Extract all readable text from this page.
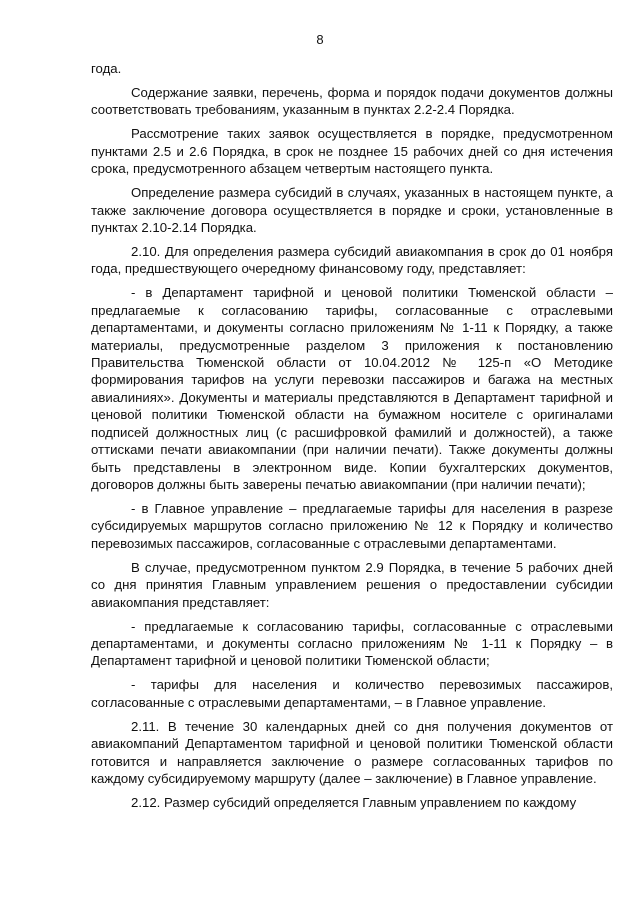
8

года.

Содержание заявки, перечень, форма и порядок подачи документов должны соответствовать требованиям, указанным в пунктах 2.2-2.4 Порядка.

Рассмотрение таких заявок осуществляется в порядке, предусмотренном пунктами 2.5 и 2.6 Порядка, в срок не позднее 15 рабочих дней со дня истечения срока, предусмотренного абзацем четвертым настоящего пункта.

Определение размера субсидий в случаях, указанных в настоящем пункте, а также заключение договора осуществляется в порядке и сроки, установленные в пунктах 2.10-2.14 Порядка.

2.10. Для определения размера субсидий авиакомпания в срок до 01 ноября года, предшествующего очередному финансовому году, представляет:

- в Департамент тарифной и ценовой политики Тюменской области – предлагаемые к согласованию тарифы, согласованные с отраслевыми департаментами, и документы согласно приложениям № 1-11 к Порядку, а также материалы, предусмотренные разделом 3 приложения к постановлению Правительства Тюменской области от 10.04.2012 № 125-п «О Методике формирования тарифов на услуги перевозки пассажиров и багажа на местных авиалиниях». Документы и материалы представляются в Департамент тарифной и ценовой политики Тюменской области на бумажном носителе с оригиналами подписей должностных лиц (с расшифровкой фамилий и должностей), а также оттисками печати авиакомпании (при наличии печати). Также документы должны быть представлены в электронном виде. Копии бухгалтерских документов, договоров должны быть заверены печатью авиакомпании (при наличии печати);

- в Главное управление – предлагаемые тарифы для населения в разрезе субсидируемых маршрутов согласно приложению № 12 к Порядку и количество перевозимых пассажиров, согласованные с отраслевыми департаментами.

В случае, предусмотренном пунктом 2.9 Порядка, в течение 5 рабочих дней со дня принятия Главным управлением решения о предоставлении субсидии авиакомпания представляет:

- предлагаемые к согласованию тарифы, согласованные с отраслевыми департаментами, и документы согласно приложениям № 1-11 к Порядку – в Департамент тарифной и ценовой политики Тюменской области;

- тарифы для населения и количество перевозимых пассажиров, согласованные с отраслевыми департаментами, – в Главное управление.

2.11. В течение 30 календарных дней со дня получения документов от авиакомпаний Департаментом тарифной и ценовой политики Тюменской области готовится и направляется заключение о размере согласованных тарифов по каждому субсидируемому маршруту (далее – заключение) в Главное управление.

2.12. Размер субсидий определяется Главным управлением по каждому
